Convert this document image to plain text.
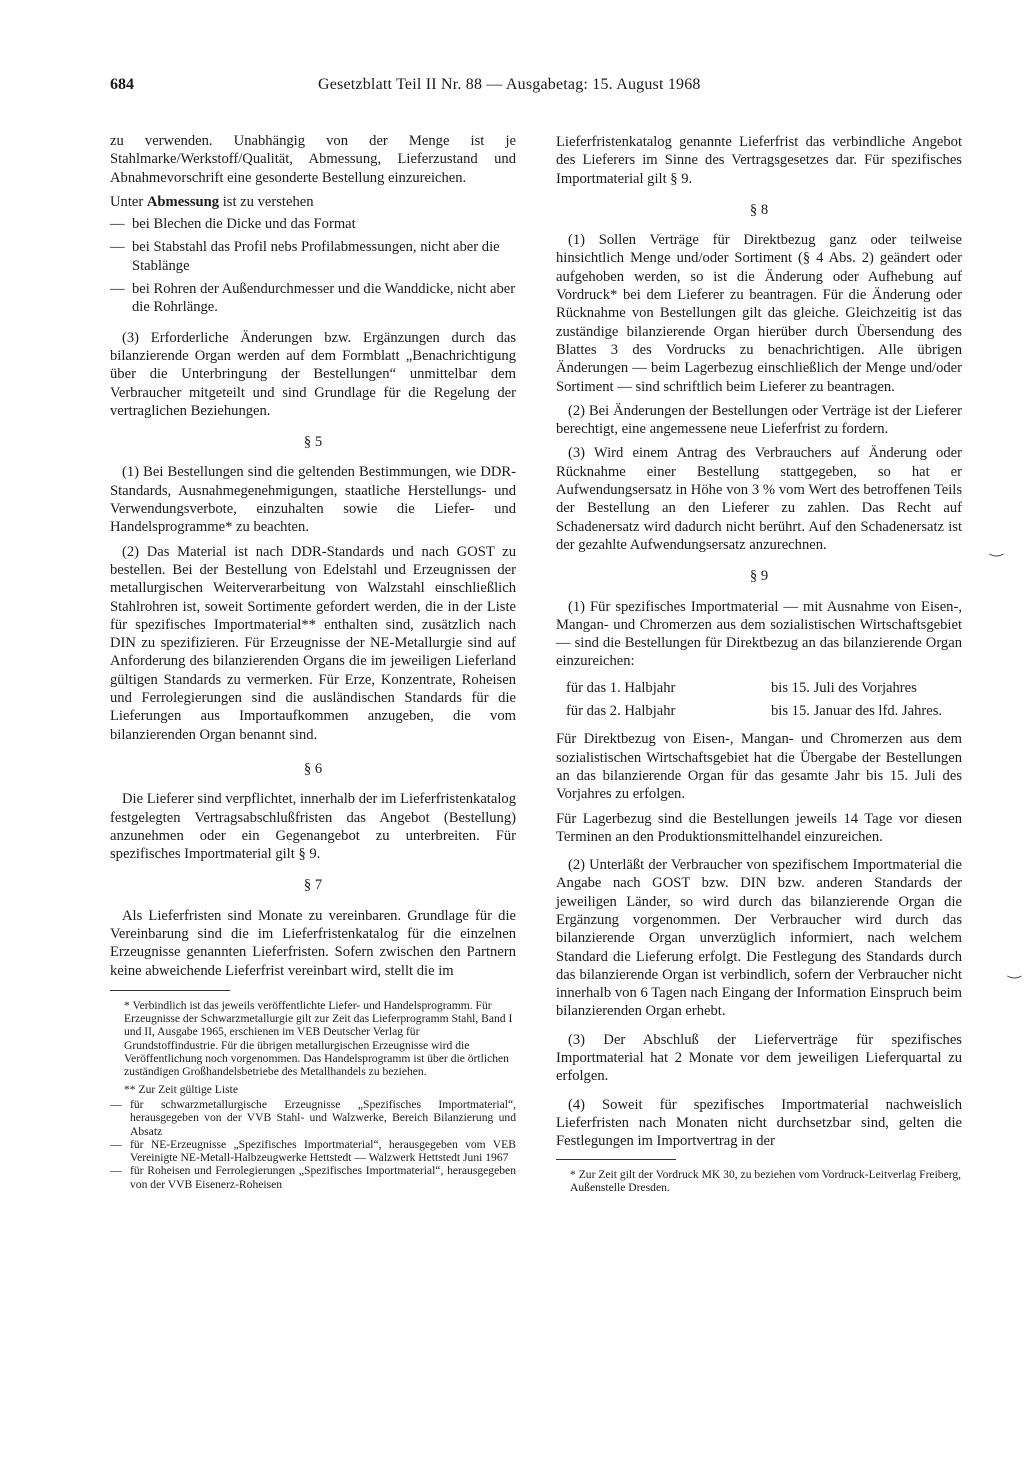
684	Gesetzblatt Teil II Nr. 88 — Ausgabetag: 15. August 1968

zu verwenden. Unabhängig von der Menge ist je Stahlmarke/Werkstoff/Qualität, Abmessung, Lieferzustand und Abnahmevorschrift eine gesonderte Bestellung einzureichen.

Unter Abmessung ist zu verstehen

— bei Blechen die Dicke und das Format
— bei Stabstahl das Profil nebs Profilabmessungen, nicht aber die Stablänge
— bei Rohren der Außendurchmesser und die Wanddicke, nicht aber die Rohrlänge.

(3) Erforderliche Änderungen bzw. Ergänzungen durch das bilanzierende Organ werden auf dem Formblatt „Benachrichtigung über die Unterbringung der Bestellungen“ unmittelbar dem Verbraucher mitgeteilt und sind Grundlage für die Regelung der vertraglichen Beziehungen.

§ 5

(1) Bei Bestellungen sind die geltenden Bestimmungen, wie DDR-Standards, Ausnahmegenehmigungen, staatliche Herstellungs- und Verwendungsverbote, einzuhalten sowie die Liefer- und Handelsprogramme* zu beachten.

(2) Das Material ist nach DDR-Standards und nach GOST zu bestellen. Bei der Bestellung von Edelstahl und Erzeugnissen der metallurgischen Weiterverarbeitung von Walzstahl einschließlich Stahlrohren ist, soweit Sortimente gefordert werden, die in der Liste für spezifisches Importmaterial** enthalten sind, zusätzlich nach DIN zu spezifizieren. Für Erzeugnisse der NE-Metallurgie sind auf Anforderung des bilanzierenden Organs die im jeweiligen Lieferland gültigen Standards zu vermerken. Für Erze, Konzentrate, Roheisen und Ferrolegierungen sind die ausländischen Standards für die Lieferungen aus Importaufkommen anzugeben, die vom bilanzierenden Organ benannt sind.

§ 6

Die Lieferer sind verpflichtet, innerhalb der im Lieferfristenkatalog festgelegten Vertragsabschlußfristen das Angebot (Bestellung) anzunehmen oder ein Gegenangebot zu unterbreiten. Für spezifisches Importmaterial gilt § 9.

§ 7

Als Lieferfristen sind Monate zu vereinbaren. Grundlage für die Vereinbarung sind die im Lieferfristenkatalog für die einzelnen Erzeugnisse genannten Lieferfristen. Sofern zwischen den Partnern keine abweichende Lieferfrist vereinbart wird, stellt die im

* Verbindlich ist das jeweils veröffentlichte Liefer- und Handelsprogramm. Für Erzeugnisse der Schwarzmetallurgie gilt zur Zeit das Lieferprogramm Stahl, Band I und II, Ausgabe 1965, erschienen im VEB Deutscher Verlag für Grundstoffindustrie. Für die übrigen metallurgischen Erzeugnisse wird die Veröffentlichung noch vorgenommen. Das Handelsprogramm ist über die örtlichen zuständigen Großhandelsbetriebe des Metallhandels zu beziehen.

** Zur Zeit gültige Liste

— für schwarzmetallurgische Erzeugnisse „Spezifisches Importmaterial“, herausgegeben von der VVB Stahl- und Walzwerke, Bereich Bilanzierung und Absatz
— für NE-Erzeugnisse „Spezifisches Importmaterial“, herausgegeben vom VEB Vereinigte NE-Metall-Halbzeugwerke Hettstedt — Walzwerk Hettstedt Juni 1967
— für Roheisen und Ferrolegierungen „Spezifisches Importmaterial“, herausgegeben von der VVB Eisenerz-Roheisen

Lieferfristenkatalog genannte Lieferfrist das verbindliche Angebot des Lieferers im Sinne des Vertragsgesetzes dar. Für spezifisches Importmaterial gilt § 9.

§ 8

(1) Sollen Verträge für Direktbezug ganz oder teilweise hinsichtlich Menge und/oder Sortiment (§ 4 Abs. 2) geändert oder aufgehoben werden, so ist die Änderung oder Aufhebung auf Vordruck* bei dem Lieferer zu beantragen. Für die Änderung oder Rücknahme von Bestellungen gilt das gleiche. Gleichzeitig ist das zuständige bilanzierende Organ hierüber durch Übersendung des Blattes 3 des Vordrucks zu benachrichtigen. Alle übrigen Änderungen — beim Lagerbezug einschließlich der Menge und/oder Sortiment — sind schriftlich beim Lieferer zu beantragen.

(2) Bei Änderungen der Bestellungen oder Verträge ist der Lieferer berechtigt, eine angemessene neue Lieferfrist zu fordern.

(3) Wird einem Antrag des Verbrauchers auf Änderung oder Rücknahme einer Bestellung stattgegeben, so hat er Aufwendungsersatz in Höhe von 3 % vom Wert des betroffenen Teils der Bestellung an den Lieferer zu zahlen. Das Recht auf Schadenersatz wird dadurch nicht berührt. Auf den Schadenersatz ist der gezahlte Aufwendungsersatz anzurechnen.

§ 9

(1) Für spezifisches Importmaterial — mit Ausnahme von Eisen-, Mangan- und Chromerzen aus dem sozialistischen Wirtschaftsgebiet — sind die Bestellungen für Direktbezug an das bilanzierende Organ einzureichen:

für das 1. Halbjahr	bis 15. Juli des Vorjahres
für das 2. Halbjahr	bis 15. Januar des lfd. Jahres.

Für Direktbezug von Eisen-, Mangan- und Chromerzen aus dem sozialistischen Wirtschaftsgebiet hat die Übergabe der Bestellungen an das bilanzierende Organ für das gesamte Jahr bis 15. Juli des Vorjahres zu erfolgen.

Für Lagerbezug sind die Bestellungen jeweils 14 Tage vor diesen Terminen an den Produktionsmittelhandel einzureichen.

(2) Unterläßt der Verbraucher von spezifischem Importmaterial die Angabe nach GOST bzw. DIN bzw. anderen Standards der jeweiligen Länder, so wird durch das bilanzierende Organ die Ergänzung vorgenommen. Der Verbraucher wird durch das bilanzierende Organ unverzüglich informiert, nach welchem Standard die Lieferung erfolgt. Die Festlegung des Standards durch das bilanzierende Organ ist verbindlich, sofern der Verbraucher nicht innerhalb von 6 Tagen nach Eingang der Information Einspruch beim bilanzierenden Organ erhebt.

(3) Der Abschluß der Lieferverträge für spezifisches Importmaterial hat 2 Monate vor dem jeweiligen Lieferquartal zu erfolgen.

(4) Soweit für spezifisches Importmaterial nachweislich Lieferfristen nach Monaten nicht durchsetzbar sind, gelten die Festlegungen im Importvertrag in der

* Zur Zeit gilt der Vordruck MK 30, zu beziehen vom Vordruck-Leitverlag Freiberg, Außenstelle Dresden.

‿
‿
